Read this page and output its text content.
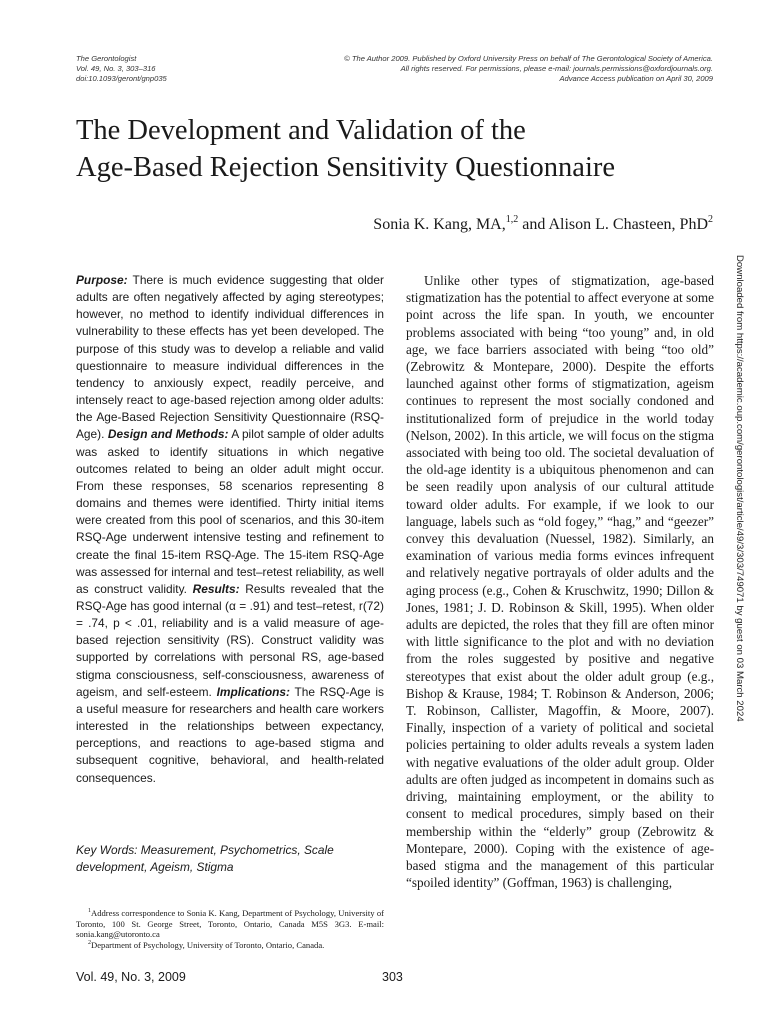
The Gerontologist
Vol. 49, No. 3, 303–316
doi:10.1093/geront/gnp035
© The Author 2009. Published by Oxford University Press on behalf of The Gerontological Society of America.
All rights reserved. For permissions, please e-mail: journals.permissions@oxfordjournals.org.
Advance Access publication on April 30, 2009
The Development and Validation of the
Age-Based Rejection Sensitivity Questionnaire
Sonia K. Kang, MA,$^{1,2}$ and Alison L. Chasteen, PhD$^2$

Purpose: There is much evidence suggesting that older adults are often negatively affected by aging stereotypes; however, no method to identify individual differences in vulnerability to these effects has yet been developed. The purpose of this study was to develop a reliable and valid questionnaire to measure individual differences in the tendency to anxiously expect, readily perceive, and intensely react to age-based rejection among older adults: the Age-Based Rejection Sensitivity Questionnaire (RSQ-Age). Design and Methods: A pilot sample of older adults was asked to identify situations in which negative outcomes related to being an older adult might occur. From these responses, 58 scenarios representing 8 domains and themes were identified. Thirty initial items were created from this pool of scenarios, and this 30-item RSQ-Age underwent intensive testing and refinement to create the final 15-item RSQ-Age. The 15-item RSQ-Age was assessed for internal and test–retest reliability, as well as construct validity. Results: Results revealed that the RSQ-Age has good internal (α = .91) and test–retest, r(72) = .74, p < .01, reliability and is a valid measure of age-based rejection sensitivity (RS). Construct validity was supported by correlations with personal RS, age-based stigma consciousness, self-consciousness, awareness of ageism, and self-esteem. Implications: The RSQ-Age is a useful measure for researchers and health care workers interested in the relationships between expectancy, perceptions, and reactions to age-based stigma and subsequent cognitive, behavioral, and health-related consequences.

Key Words: Measurement, Psychometrics, Scale development, Ageism, Stigma

$^1$Address correspondence to Sonia K. Kang, Department of Psychology, University of Toronto, 100 St. George Street, Toronto, Ontario, Canada M5S 3G3. E-mail: sonia.kang@utoronto.ca

$^2$Department of Psychology, University of Toronto, Ontario, Canada.

Unlike other types of stigmatization, age-based stigmatization has the potential to affect everyone at some point across the life span. In youth, we encounter problems associated with being “too young” and, in old age, we face barriers associated with being “too old” (Zebrowitz & Montepare, 2000). Despite the efforts launched against other forms of stigmatization, ageism continues to represent the most socially condoned and institutionalized form of prejudice in the world today (Nelson, 2002). In this article, we will focus on the stigma associated with being too old. The societal devaluation of the old-age identity is a ubiquitous phenomenon and can be seen readily upon analysis of our cultural attitude toward older adults. For example, if we look to our language, labels such as “old fogey,” “hag,” and “geezer” convey this devaluation (Nuessel, 1982). Similarly, an examination of various media forms evinces infrequent and relatively negative portrayals of older adults and the aging process (e.g., Cohen & Kruschwitz, 1990; Dillon & Jones, 1981; J. D. Robinson & Skill, 1995). When older adults are depicted, the roles that they fill are often minor with little significance to the plot and with no deviation from the roles suggested by positive and negative stereotypes that exist about the older adult group (e.g., Bishop & Krause, 1984; T. Robinson & Anderson, 2006; T. Robinson, Callister, Magoffin, & Moore, 2007). Finally, inspection of a variety of political and societal policies pertaining to older adults reveals a system laden with negative evaluations of the older adult group. Older adults are often judged as incompetent in domains such as driving, maintaining employment, or the ability to consent to medical procedures, simply based on their membership within the “elderly” group (Zebrowitz & Montepare, 2000). Coping with the existence of age-based stigma and the management of this particular “spoiled identity” (Goffman, 1963) is challenging,

Vol. 49, No. 3, 2009	303
Downloaded from https://academic.oup.com/gerontologist/article/49/3/303/749071 by guest on 03 March 2024
